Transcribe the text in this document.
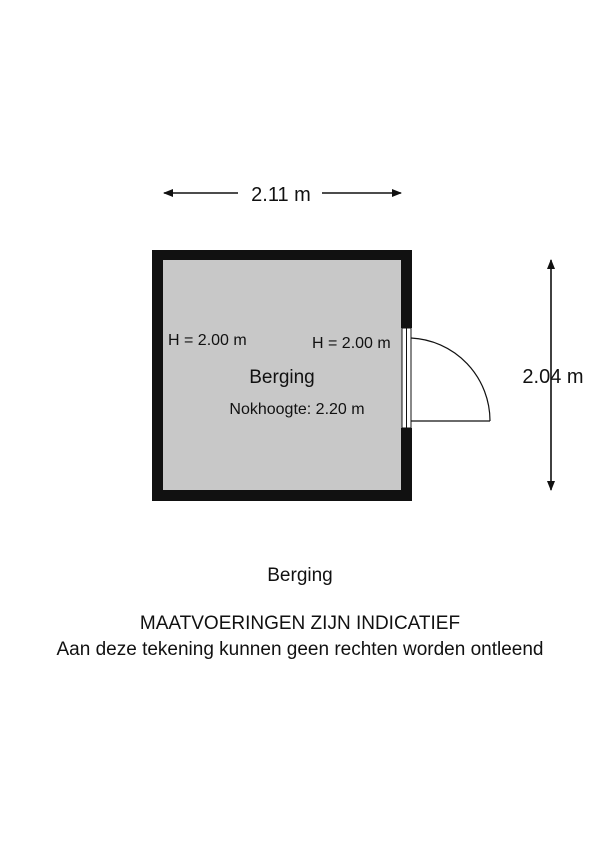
2.11 m
2.04 m
H = 2.00 m	H = 2.00 m
Berging
Nokhoogte: 2.20 m
Berging
MAATVOERINGEN ZIJN INDICATIEF
Aan deze tekening kunnen geen rechten worden ontleend
